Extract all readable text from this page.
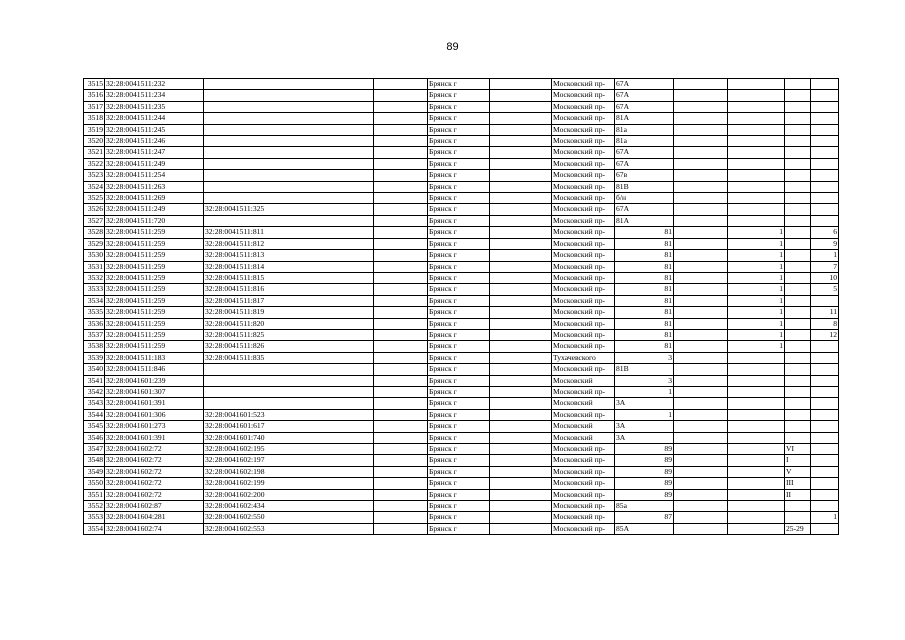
89
3515	32:28:0041511:232			Брянск г		Московский пр-	67А				
3516	32:28:0041511:234			Брянск г		Московский пр-	67А				
3517	32:28:0041511:235			Брянск г		Московский пр-	67А				
3518	32:28:0041511:244			Брянск г		Московский пр-	81А				
3519	32:28:0041511:245			Брянск г		Московский пр-	81а				
3520	32:28:0041511:246			Брянск г		Московский пр-	81а				
3521	32:28:0041511:247			Брянск г		Московский пр-	67А				
3522	32:28:0041511:249			Брянск г		Московский пр-	67А				
3523	32:28:0041511:254			Брянск г		Московский пр-	67в				
3524	32:28:0041511:263			Брянск г		Московский пр-	81В				
3525	32:28:0041511:269			Брянск г		Московский пр-	б/н				
3526	32:28:0041511:249	32:28:0041511:325		Брянск г		Московский пр-	67А				
3527	32:28:0041511:720			Брянск г		Московский пр-	81А				
3528	32:28:0041511:259	32:28:0041511:811		Брянск г		Московский пр-	81		1		6
3529	32:28:0041511:259	32:28:0041511:812		Брянск г		Московский пр-	81		1		9
3530	32:28:0041511:259	32:28:0041511:813		Брянск г		Московский пр-	81		1		1
3531	32:28:0041511:259	32:28:0041511:814		Брянск г		Московский пр-	81		1		7
3532	32:28:0041511:259	32:28:0041511:815		Брянск г		Московский пр-	81		1		10
3533	32:28:0041511:259	32:28:0041511:816		Брянск г		Московский пр-	81		1		5
3534	32:28:0041511:259	32:28:0041511:817		Брянск г		Московский пр-	81		1		
3535	32:28:0041511:259	32:28:0041511:819		Брянск г		Московский пр-	81		1		11
3536	32:28:0041511:259	32:28:0041511:820		Брянск г		Московский пр-	81		1		8
3537	32:28:0041511:259	32:28:0041511:825		Брянск г		Московский пр-	81		1		12
3538	32:28:0041511:259	32:28:0041511:826		Брянск г		Московский пр-	81		1		
3539	32:28:0041511:183	32:28:0041511:835		Брянск г		Тухачевского	3				
3540	32:28:0041511:846			Брянск г		Московский пр-	81В				
3541	32:28:0041601:239			Брянск г		Московский	3				
3542	32:28:0041601:307			Брянск г		Московский пр-	1				
3543	32:28:0041601:391			Брянск г		Московский	3А				
3544	32:28:0041601:306	32:28:0041601:523		Брянск г		Московский пр-	1				
3545	32:28:0041601:273	32:28:0041601:617		Брянск г		Московский	3А				
3546	32:28:0041601:391	32:28:0041601:740		Брянск г		Московский	3А				
3547	32:28:0041602:72	32:28:0041602:195		Брянск г		Московский пр-	89			VI	
3548	32:28:0041602:72	32:28:0041602:197		Брянск г		Московский пр-	89			I	
3549	32:28:0041602:72	32:28:0041602:198		Брянск г		Московский пр-	89			V	
3550	32:28:0041602:72	32:28:0041602:199		Брянск г		Московский пр-	89			III	
3551	32:28:0041602:72	32:28:0041602:200		Брянск г		Московский пр-	89			II	
3552	32:28:0041602:87	32:28:0041602:434		Брянск г		Московский пр-	85а				
3553	32:28:0041604:281	32:28:0041602:550		Брянск г		Московский пр-	87				1
3554	32:28:0041602:74	32:28:0041602:553		Брянск г		Московский пр-	85А			25-29	
